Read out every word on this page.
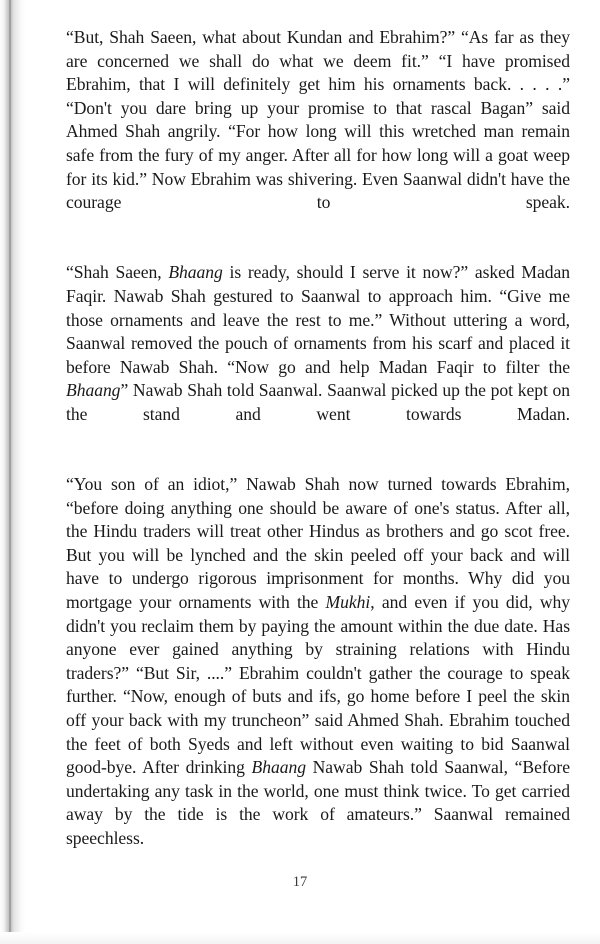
“But, Shah Saeen, what about Kundan and Ebrahim?” “As far as they are concerned we shall do what we deem fit.” “I have promised Ebrahim, that I will definitely get him his ornaments back. . . . .” “Don't you dare bring up your promise to that rascal Bagan” said Ahmed Shah angrily. “For how long will this wretched man remain safe from the fury of my anger. After all for how long will a goat weep for its kid.” Now Ebrahim was shivering. Even Saanwal didn't have the courage to speak.

“Shah Saeen, Bhaang is ready, should I serve it now?” asked Madan Faqir. Nawab Shah gestured to Saanwal to approach him. “Give me those ornaments and leave the rest to me.” Without uttering a word, Saanwal removed the pouch of ornaments from his scarf and placed it before Nawab Shah. “Now go and help Madan Faqir to filter the Bhaang” Nawab Shah told Saanwal. Saanwal picked up the pot kept on the stand and went towards Madan.

“You son of an idiot,” Nawab Shah now turned towards Ebrahim, “before doing anything one should be aware of one's status. After all, the Hindu traders will treat other Hindus as brothers and go scot free. But you will be lynched and the skin peeled off your back and will have to undergo rigorous imprisonment for months. Why did you mortgage your ornaments with the Mukhi, and even if you did, why didn't you reclaim them by paying the amount within the due date. Has anyone ever gained anything by straining relations with Hindu traders?” “But Sir, ....” Ebrahim couldn't gather the courage to speak further. “Now, enough of buts and ifs, go home before I peel the skin off your back with my truncheon” said Ahmed Shah. Ebrahim touched the feet of both Syeds and left without even waiting to bid Saanwal good-bye. After drinking Bhaang Nawab Shah told Saanwal, “Before undertaking any task in the world, one must think twice. To get carried away by the tide is the work of amateurs.” Saanwal remained speechless.

17
